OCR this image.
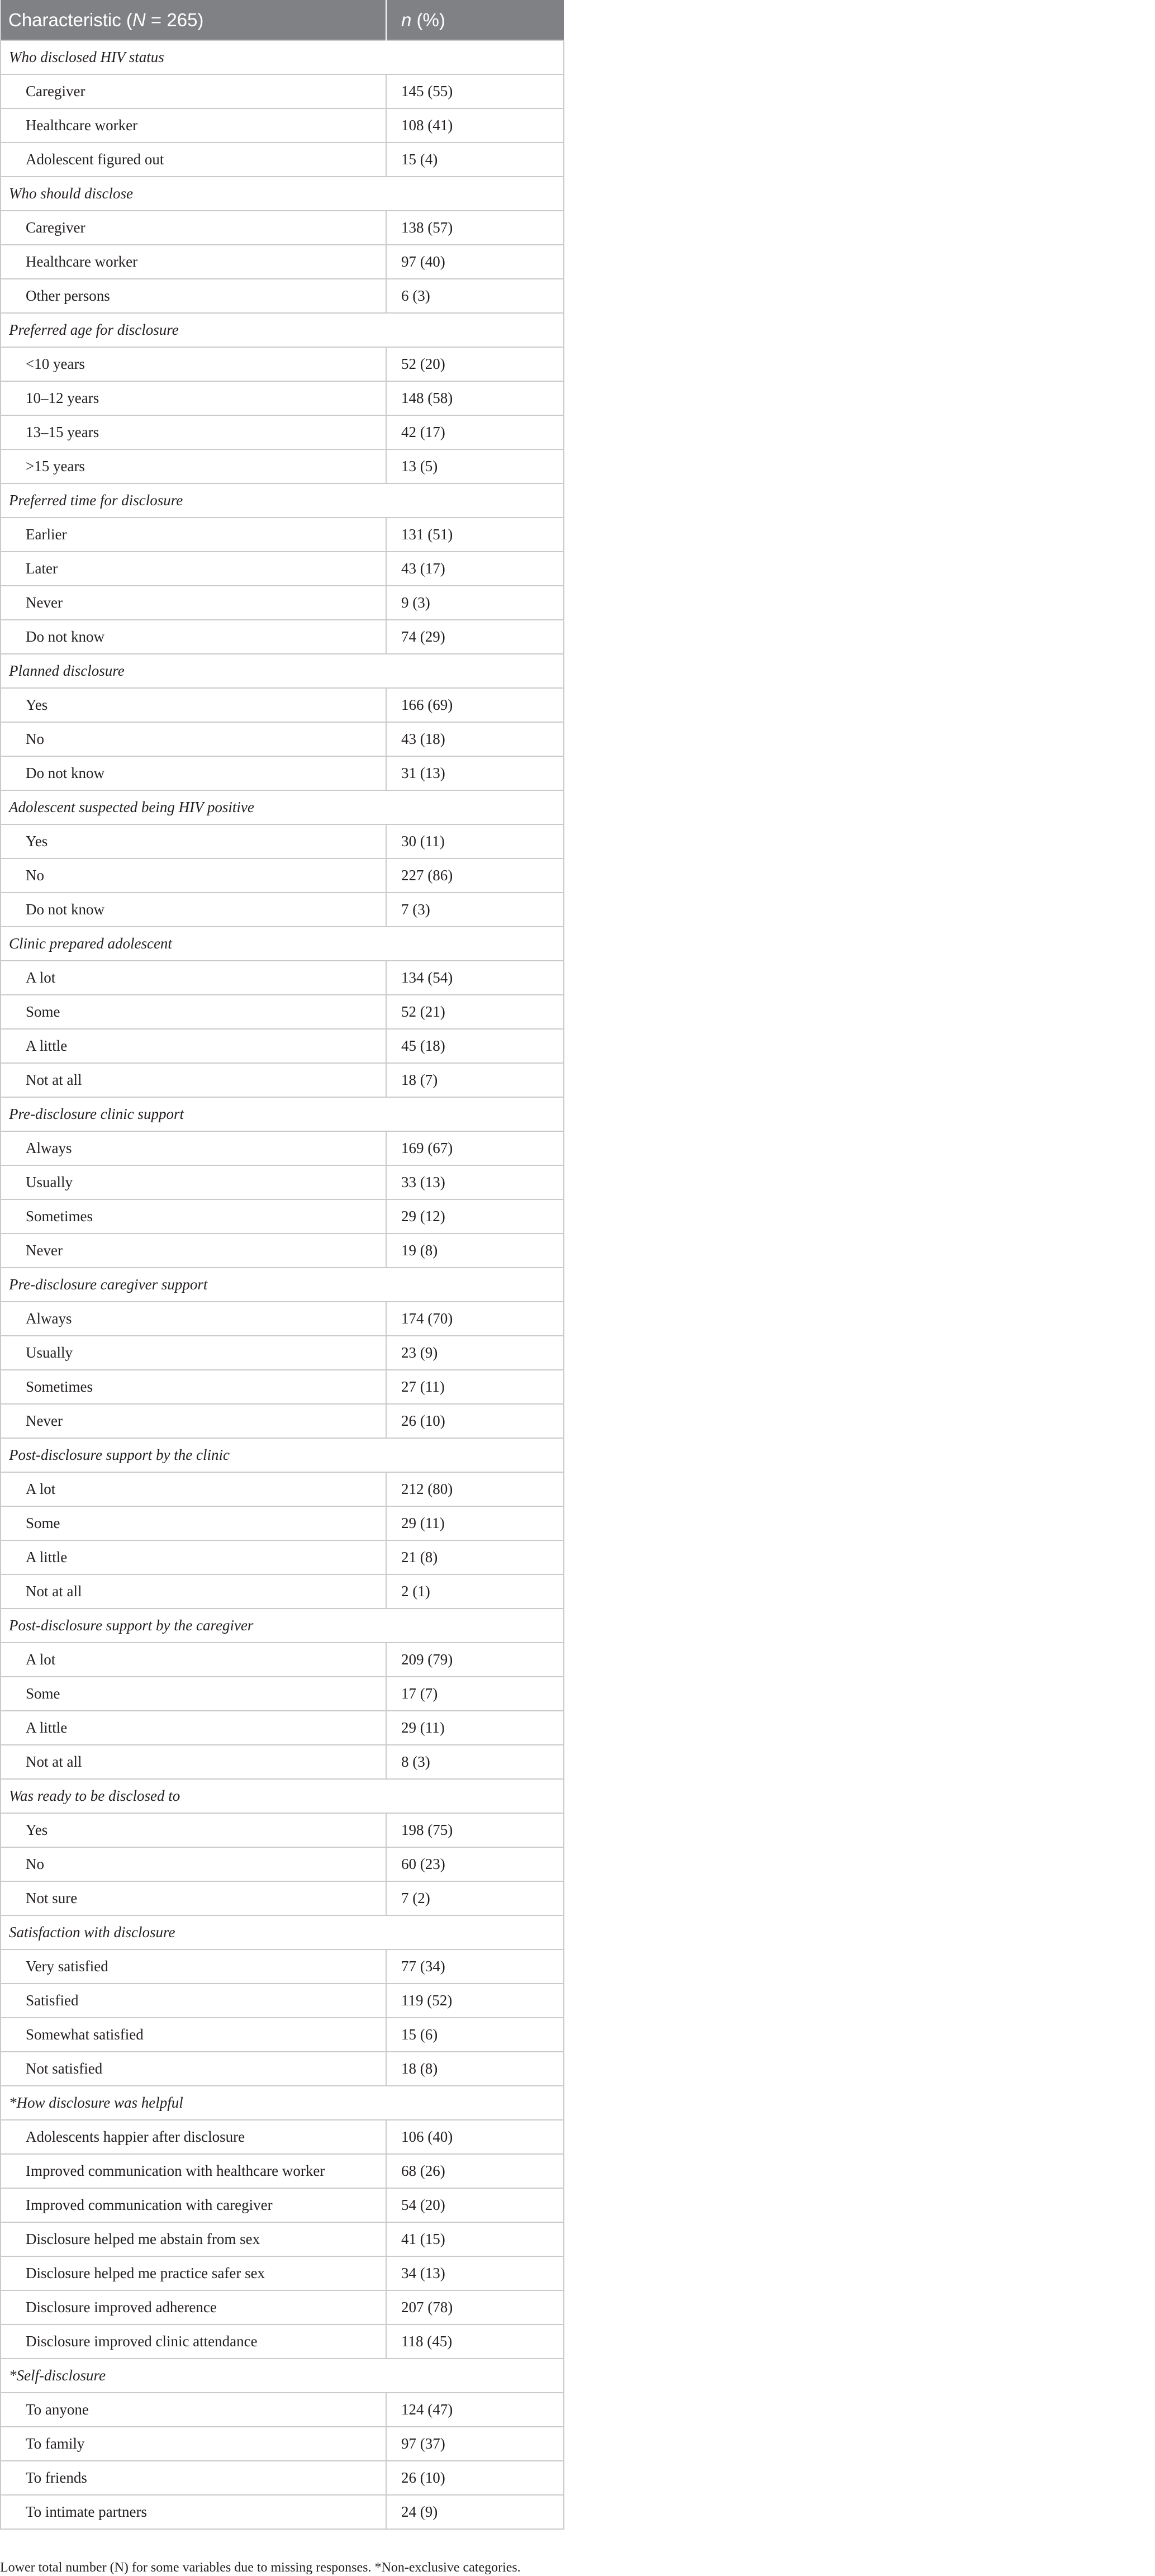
Characteristic (N = 265)	n (%)
Who disclosed HIV status	
Caregiver	145 (55)
Healthcare worker	108 (41)
Adolescent figured out	15 (4)
Who should disclose	
Caregiver	138 (57)
Healthcare worker	97 (40)
Other persons	6 (3)
Preferred age for disclosure	
<10 years	52 (20)
10–12 years	148 (58)
13–15 years	42 (17)
>15 years	13 (5)
Preferred time for disclosure	
Earlier	131 (51)
Later	43 (17)
Never	9 (3)
Do not know	74 (29)
Planned disclosure	
Yes	166 (69)
No	43 (18)
Do not know	31 (13)
Adolescent suspected being HIV positive	
Yes	30 (11)
No	227 (86)
Do not know	7 (3)
Clinic prepared adolescent	
A lot	134 (54)
Some	52 (21)
A little	45 (18)
Not at all	18 (7)
Pre-disclosure clinic support	
Always	169 (67)
Usually	33 (13)
Sometimes	29 (12)
Never	19 (8)
Pre-disclosure caregiver support	
Always	174 (70)
Usually	23 (9)
Sometimes	27 (11)
Never	26 (10)
Post-disclosure support by the clinic	
A lot	212 (80)
Some	29 (11)
A little	21 (8)
Not at all	2 (1)
Post-disclosure support by the caregiver	
A lot	209 (79)
Some	17 (7)
A little	29 (11)
Not at all	8 (3)
Was ready to be disclosed to	
Yes	198 (75)
No	60 (23)
Not sure	7 (2)
Satisfaction with disclosure	
Very satisfied	77 (34)
Satisfied	119 (52)
Somewhat satisfied	15 (6)
Not satisfied	18 (8)
*How disclosure was helpful	
Adolescents happier after disclosure	106 (40)
Improved communication with healthcare worker	68 (26)
Improved communication with caregiver	54 (20)
Disclosure helped me abstain from sex	41 (15)
Disclosure helped me practice safer sex	34 (13)
Disclosure improved adherence	207 (78)
Disclosure improved clinic attendance	118 (45)
*Self-disclosure	
To anyone	124 (47)
To family	97 (37)
To friends	26 (10)
To intimate partners	24 (9)
Lower total number (N) for some variables due to missing responses. *Non-exclusive categories.
